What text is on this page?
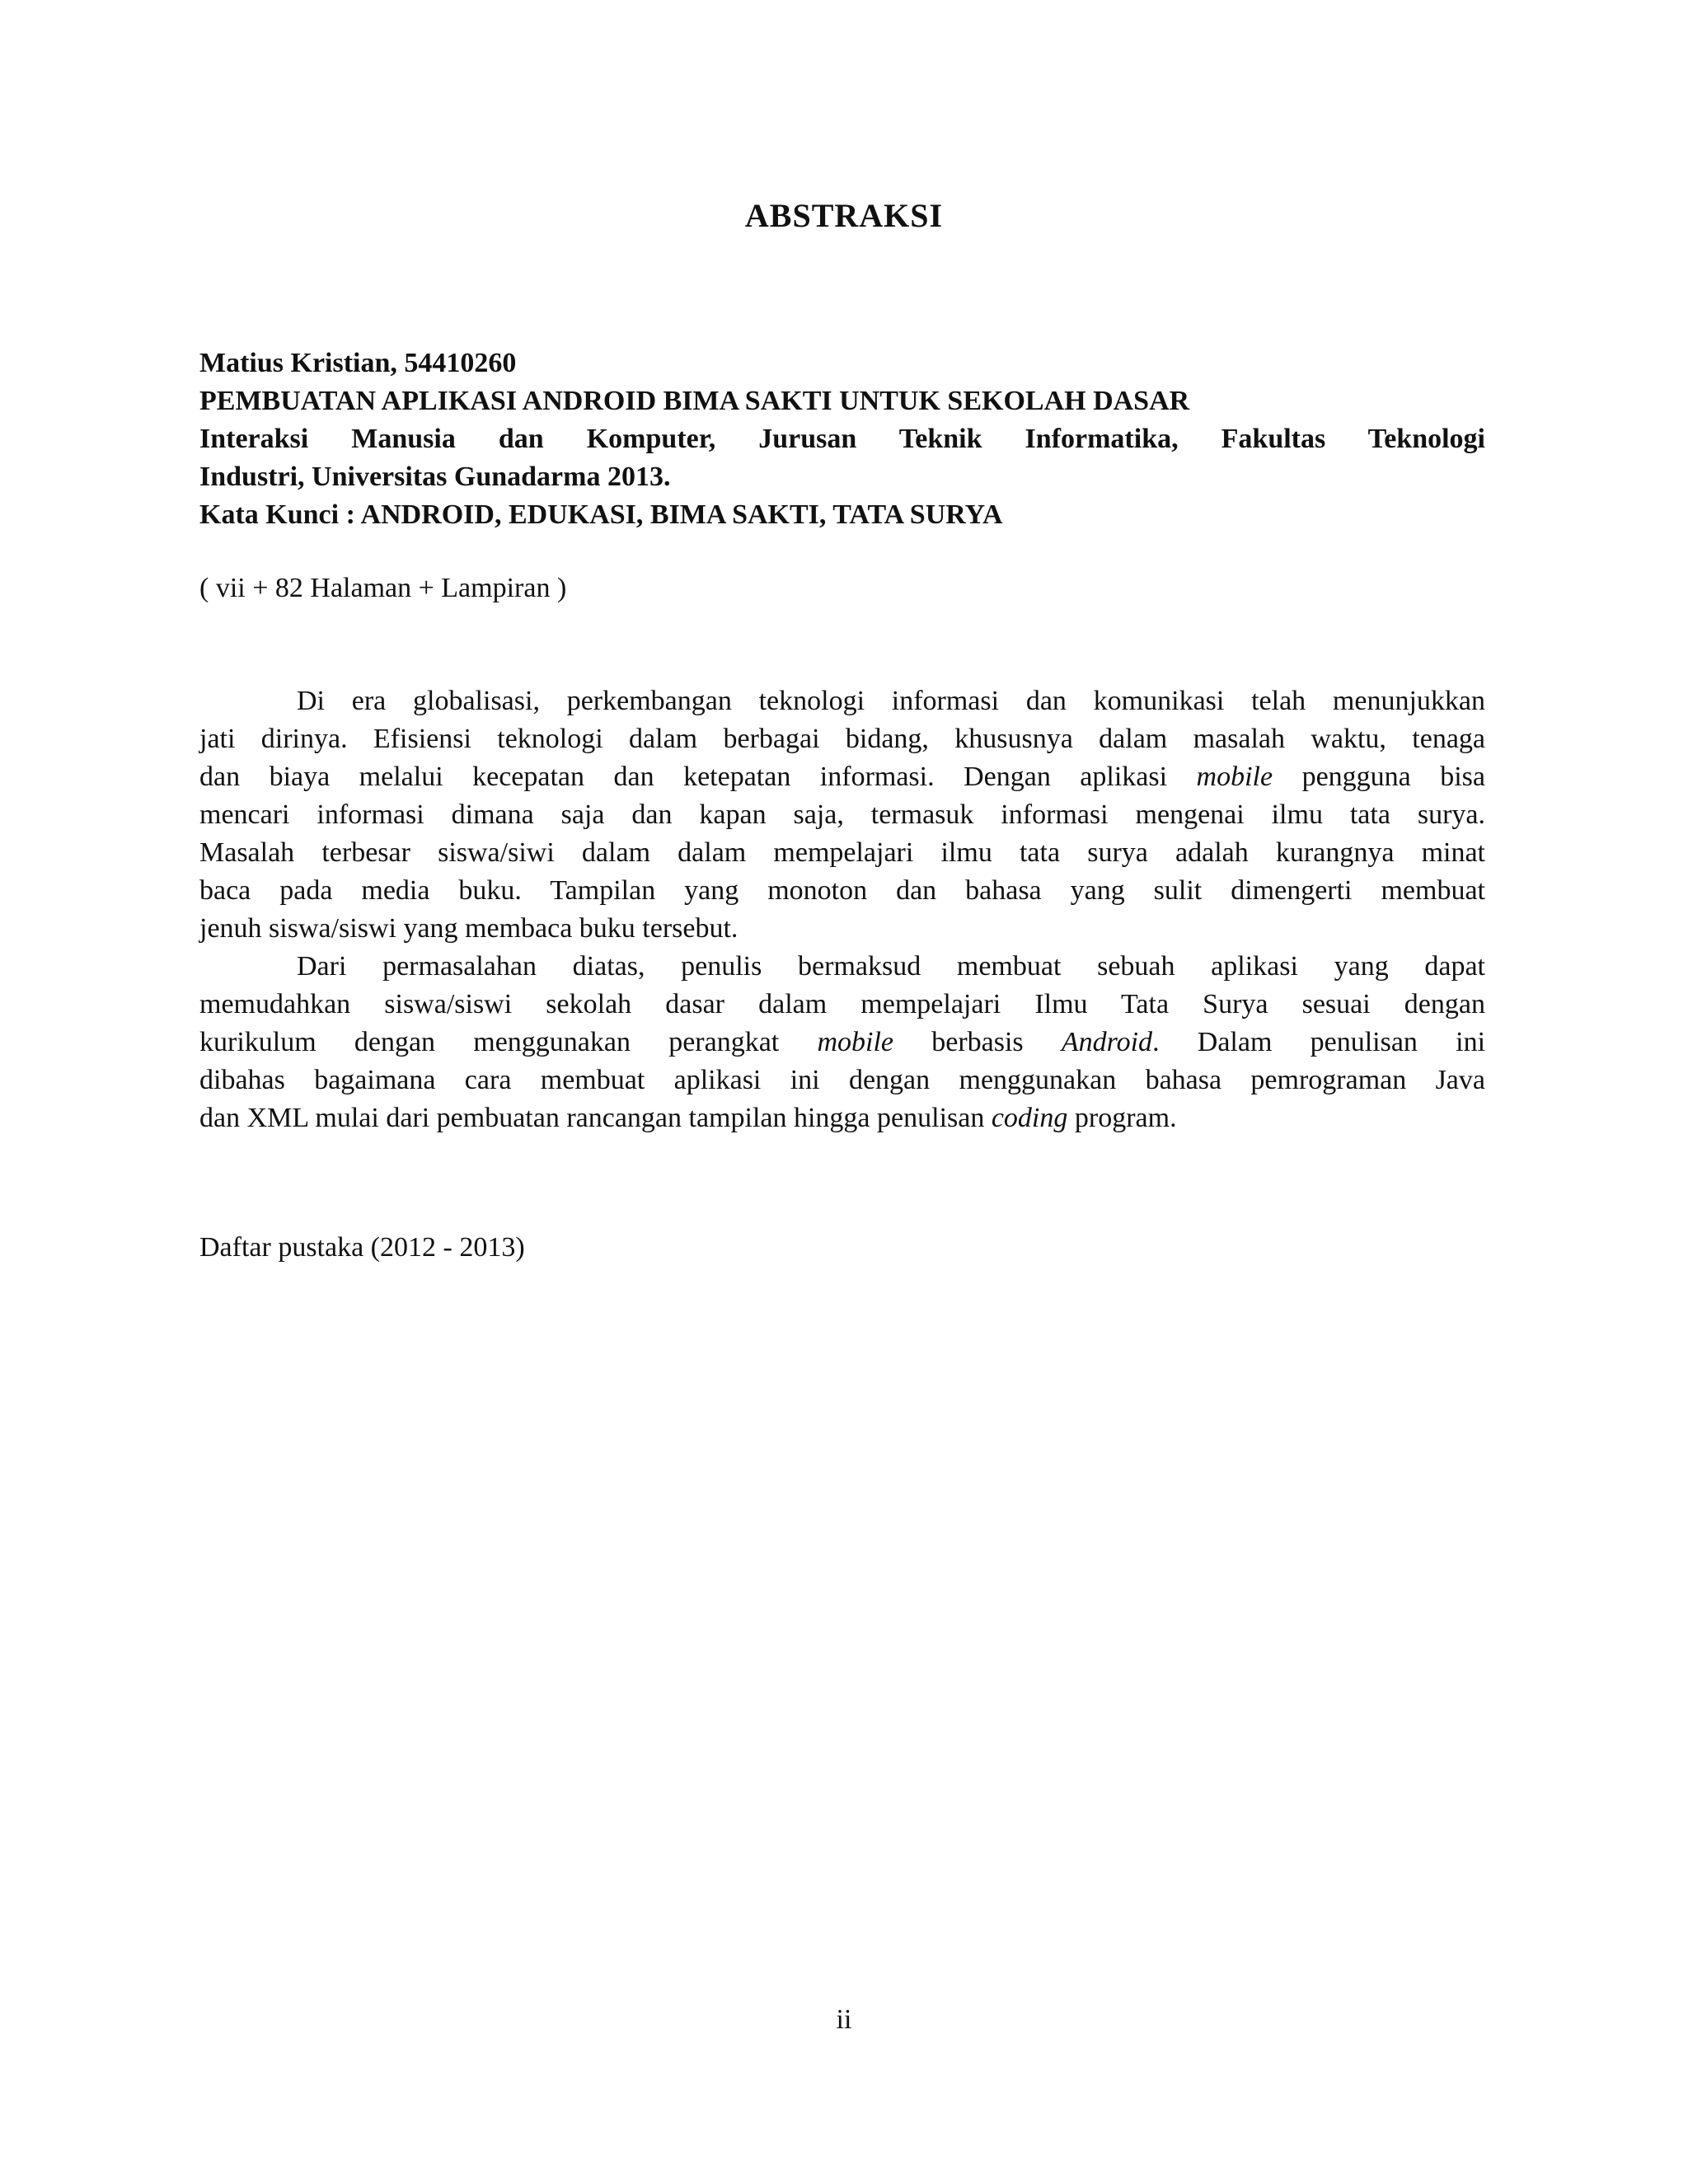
ABSTRAKSI
Matius Kristian, 54410260
PEMBUATAN APLIKASI ANDROID BIMA SAKTI UNTUK SEKOLAH DASAR
Interaksi Manusia dan Komputer, Jurusan Teknik Informatika, Fakultas Teknologi
Industri, Universitas Gunadarma 2013.
Kata Kunci : ANDROID, EDUKASI, BIMA SAKTI, TATA SURYA
( vii + 82 Halaman + Lampiran )
Di era globalisasi, perkembangan teknologi informasi dan komunikasi telah menunjukkan
jati dirinya. Efisiensi teknologi dalam berbagai bidang, khususnya dalam masalah waktu, tenaga
dan biaya melalui kecepatan dan ketepatan informasi. Dengan aplikasi mobile pengguna bisa
mencari informasi dimana saja dan kapan saja, termasuk informasi mengenai ilmu tata surya.
Masalah terbesar siswa/siwi dalam dalam mempelajari ilmu tata surya adalah kurangnya minat
baca pada media buku. Tampilan yang monoton dan bahasa yang sulit dimengerti membuat
jenuh siswa/siswi yang membaca buku tersebut.
Dari permasalahan diatas, penulis bermaksud membuat sebuah aplikasi yang dapat
memudahkan siswa/siswi sekolah dasar dalam mempelajari Ilmu Tata Surya sesuai dengan
kurikulum dengan menggunakan perangkat mobile berbasis Android. Dalam penulisan ini
dibahas bagaimana cara membuat aplikasi ini dengan menggunakan bahasa pemrograman Java
dan XML mulai dari pembuatan rancangan tampilan hingga penulisan coding program.
Daftar pustaka (2012 - 2013)
ii
